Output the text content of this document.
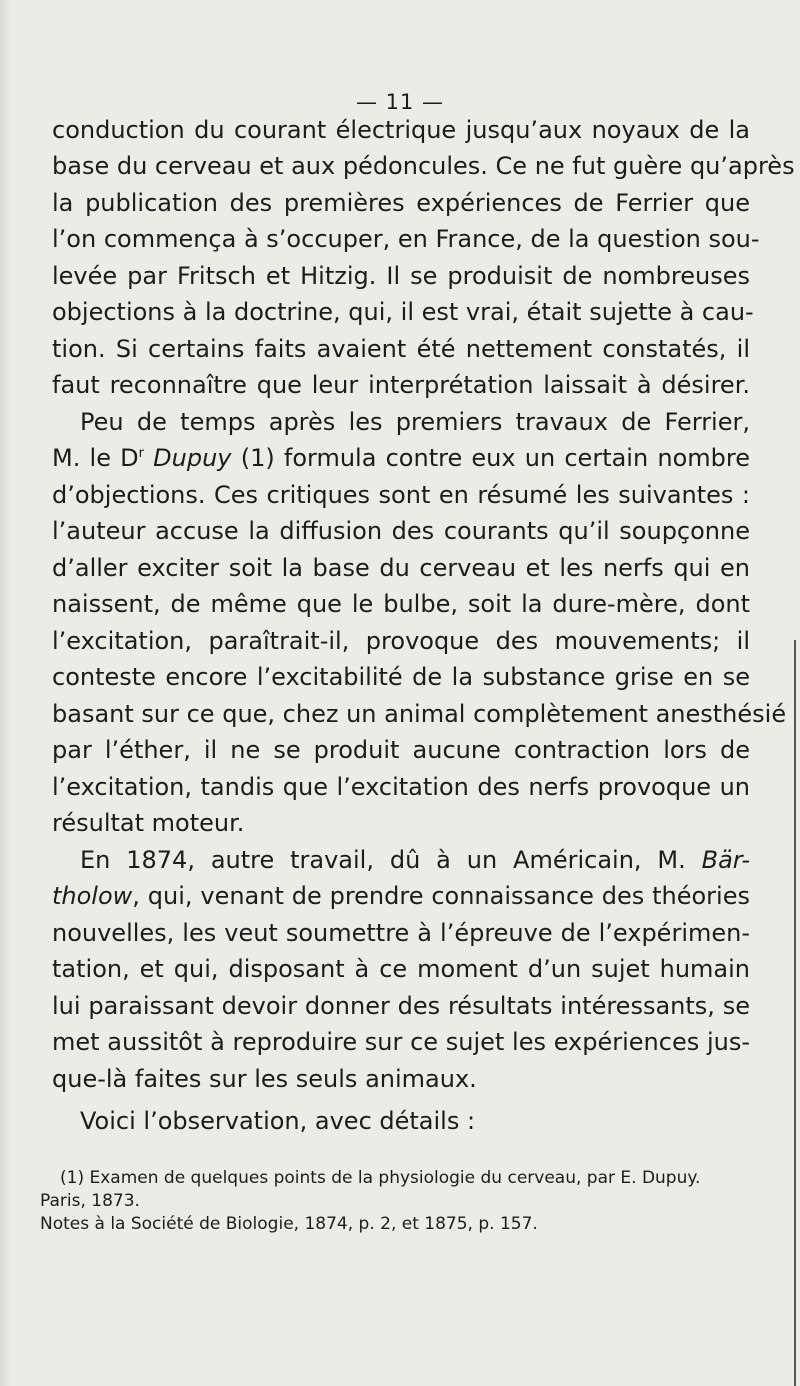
— 11 —
conduction du courant électrique jusqu’aux noyaux de la
base du cerveau et aux pédoncules. Ce ne fut guère qu’après
la publication des premières expériences de Ferrier que
l’on commença à s’occuper, en France, de la question sou-
levée par Fritsch et Hitzig. Il se produisit de nombreuses
objections à la doctrine, qui, il est vrai, était sujette à cau-
tion. Si certains faits avaient été nettement constatés, il
faut reconnaître que leur interprétation laissait à désirer.
Peu de temps après les premiers travaux de Ferrier,
M. le $D^r$ Dupuy (1) formula contre eux un certain nombre
d’objections. Ces critiques sont en résumé les suivantes :
l’auteur accuse la diffusion des courants qu’il soupçonne
d’aller exciter soit la base du cerveau et les nerfs qui en
naissent, de même que le bulbe, soit la dure-mère, dont
l’excitation, paraîtrait-il, provoque des mouvements; il
conteste encore l’excitabilité de la substance grise en se
basant sur ce que, chez un animal complètement anesthésié
par l’éther, il ne se produit aucune contraction lors de
l’excitation, tandis que l’excitation des nerfs provoque un
résultat moteur.
En 1874, autre travail, dû à un Américain, M. Bär-
tholow, qui, venant de prendre connaissance des théories
nouvelles, les veut soumettre à l’épreuve de l’expérimen-
tation, et qui, disposant à ce moment d’un sujet humain
lui paraissant devoir donner des résultats intéressants, se
met aussitôt à reproduire sur ce sujet les expériences jus-
que-là faites sur les seuls animaux.
Voici l’observation, avec détails :
(1) Examen de quelques points de la physiologie du cerveau, par E. Dupuy.
Paris, 1873.
Notes à la Société de Biologie, 1874, p. 2, et 1875, p. 157.
